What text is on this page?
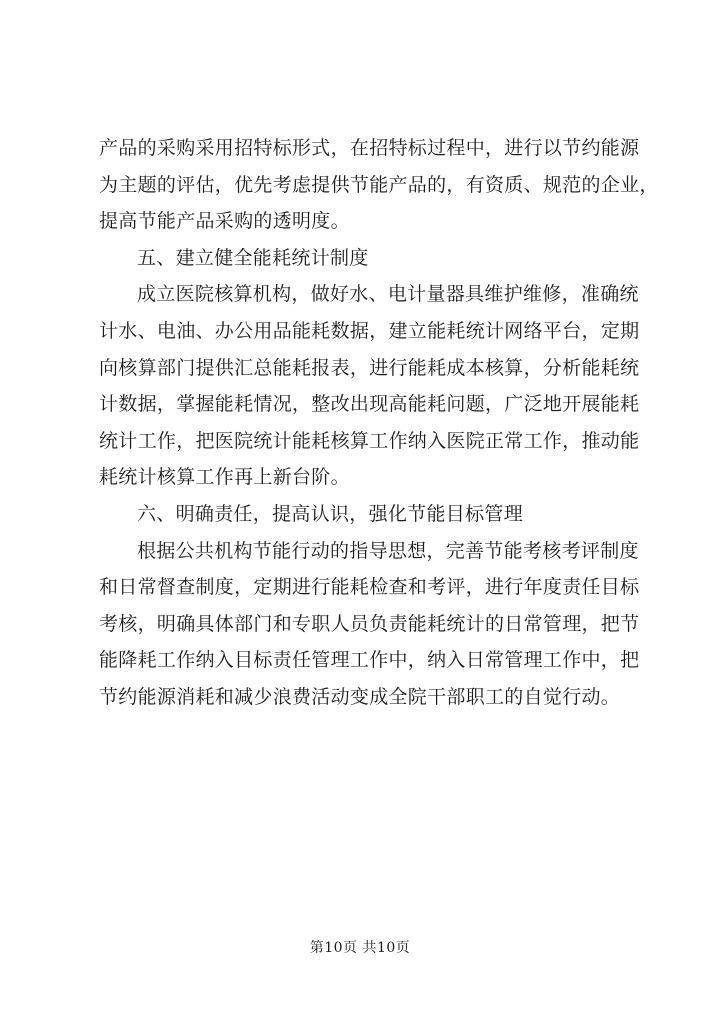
产品的采购采用招特标形式，在招特标过程中，进行以节约能源
为主题的评估，优先考虑提供节能产品的，有资质、规范的企业，
提高节能产品采购的透明度。
五、建立健全能耗统计制度
成立医院核算机构，做好水、电计量器具维护维修，准确统
计水、电油、办公用品能耗数据，建立能耗统计网络平台，定期
向核算部门提供汇总能耗报表，进行能耗成本核算，分析能耗统
计数据，掌握能耗情况，整改出现高能耗问题，广泛地开展能耗
统计工作，把医院统计能耗核算工作纳入医院正常工作，推动能
耗统计核算工作再上新台阶。
六、明确责任，提高认识，强化节能目标管理
根据公共机构节能行动的指导思想，完善节能考核考评制度
和日常督查制度，定期进行能耗检查和考评，进行年度责任目标
考核，明确具体部门和专职人员负责能耗统计的日常管理，把节
能降耗工作纳入目标责任管理工作中，纳入日常管理工作中，把
节约能源消耗和减少浪费活动变成全院干部职工的自觉行动。
第10页 共10页
